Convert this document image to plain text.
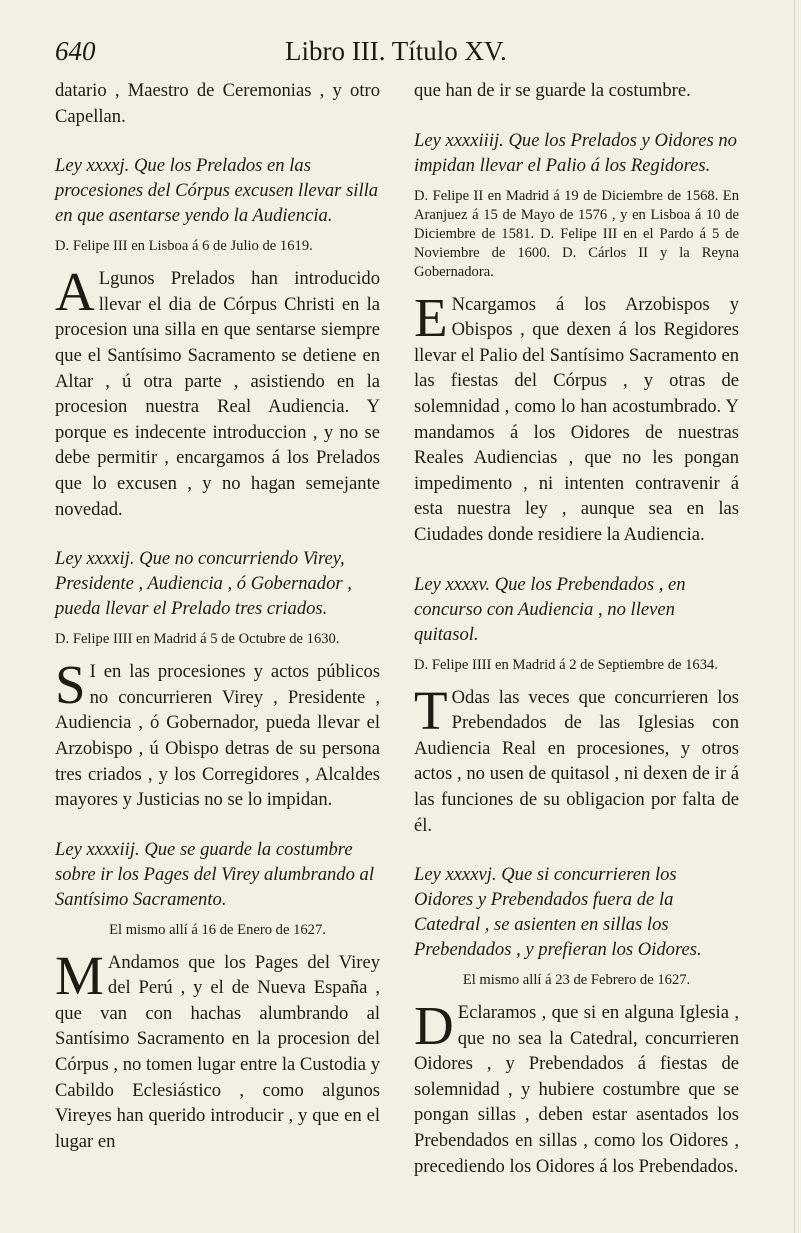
640	Libro III. Título XV.

datario , Maestro de Ceremonias , y otro Capellan.

Ley xxxxj. Que los Prelados en las procesiones del Córpus excusen llevar silla en que asentarse yendo la Audiencia.

D. Felipe III en Lisboa á 6 de Julio de 1619.

A Lgunos Prelados han introducido llevar el dia de Córpus Christi en la procesion una silla en que sentarse siempre que el Santísimo Sacramento se detiene en Altar , ú otra parte , asistiendo en la procesion nuestra Real Audiencia. Y porque es indecente introduccion , y no se debe permitir , encargamos á los Prelados que lo excusen , y no hagan semejante novedad.

Ley xxxxij. Que no concurriendo Virey, Presidente , Audiencia , ó Gobernador , pueda llevar el Prelado tres criados.

D. Felipe IIII en Madrid á 5 de Octubre de 1630.

S I en las procesiones y actos públicos no concurrieren Virey , Presidente , Audiencia , ó Gobernador, pueda llevar el Arzobispo , ú Obispo detras de su persona tres criados , y los Corregidores , Alcaldes mayores y Justicias no se lo impidan.

Ley xxxxiij. Que se guarde la costumbre sobre ir los Pages del Virey alumbrando al Santísimo Sacramento.

El mismo allí á 16 de Enero de 1627.

M Andamos que los Pages del Virey del Perú , y el de Nueva España , que van con hachas alumbrando al Santísimo Sacramento en la procesion del Córpus , no tomen lugar entre la Custodia y Cabildo Eclesiástico , como algunos Vireyes han querido introducir , y que en el lugar en

que han de ir se guarde la costumbre.

Ley xxxxiiij. Que los Prelados y Oidores no impidan llevar el Palio á los Regidores.

D. Felipe II en Madrid á 19 de Diciembre de 1568. En Aranjuez á 15 de Mayo de 1576 , y en Lisboa á 10 de Diciembre de 1581. D. Felipe III en el Pardo á 5 de Noviembre de 1600. D. Cárlos II y la Reyna Gobernadora.

E Ncargamos á los Arzobispos y Obispos , que dexen á los Regidores llevar el Palio del Santísimo Sacramento en las fiestas del Córpus , y otras de solemnidad , como lo han acostumbrado. Y mandamos á los Oidores de nuestras Reales Audiencias , que no les pongan impedimento , ni intenten contravenir á esta nuestra ley , aunque sea en las Ciudades donde residiere la Audiencia.

Ley xxxxv. Que los Prebendados , en concurso con Audiencia , no lleven quitasol.

D. Felipe IIII en Madrid á 2 de Septiembre de 1634.

T Odas las veces que concurrieren los Prebendados de las Iglesias con Audiencia Real en procesiones, y otros actos , no usen de quitasol , ni dexen de ir á las funciones de su obligacion por falta de él.

Ley xxxxvj. Que si concurrieren los Oidores y Prebendados fuera de la Catedral , se asienten en sillas los Prebendados , y prefieran los Oidores.

El mismo allí á 23 de Febrero de 1627.

D Eclaramos , que si en alguna Iglesia , que no sea la Catedral, concurrieren Oidores , y Prebendados á fiestas de solemnidad , y hubiere costumbre que se pongan sillas , deben estar asentados los Prebendados en sillas , como los Oidores , precediendo los Oidores á los Prebendados.
